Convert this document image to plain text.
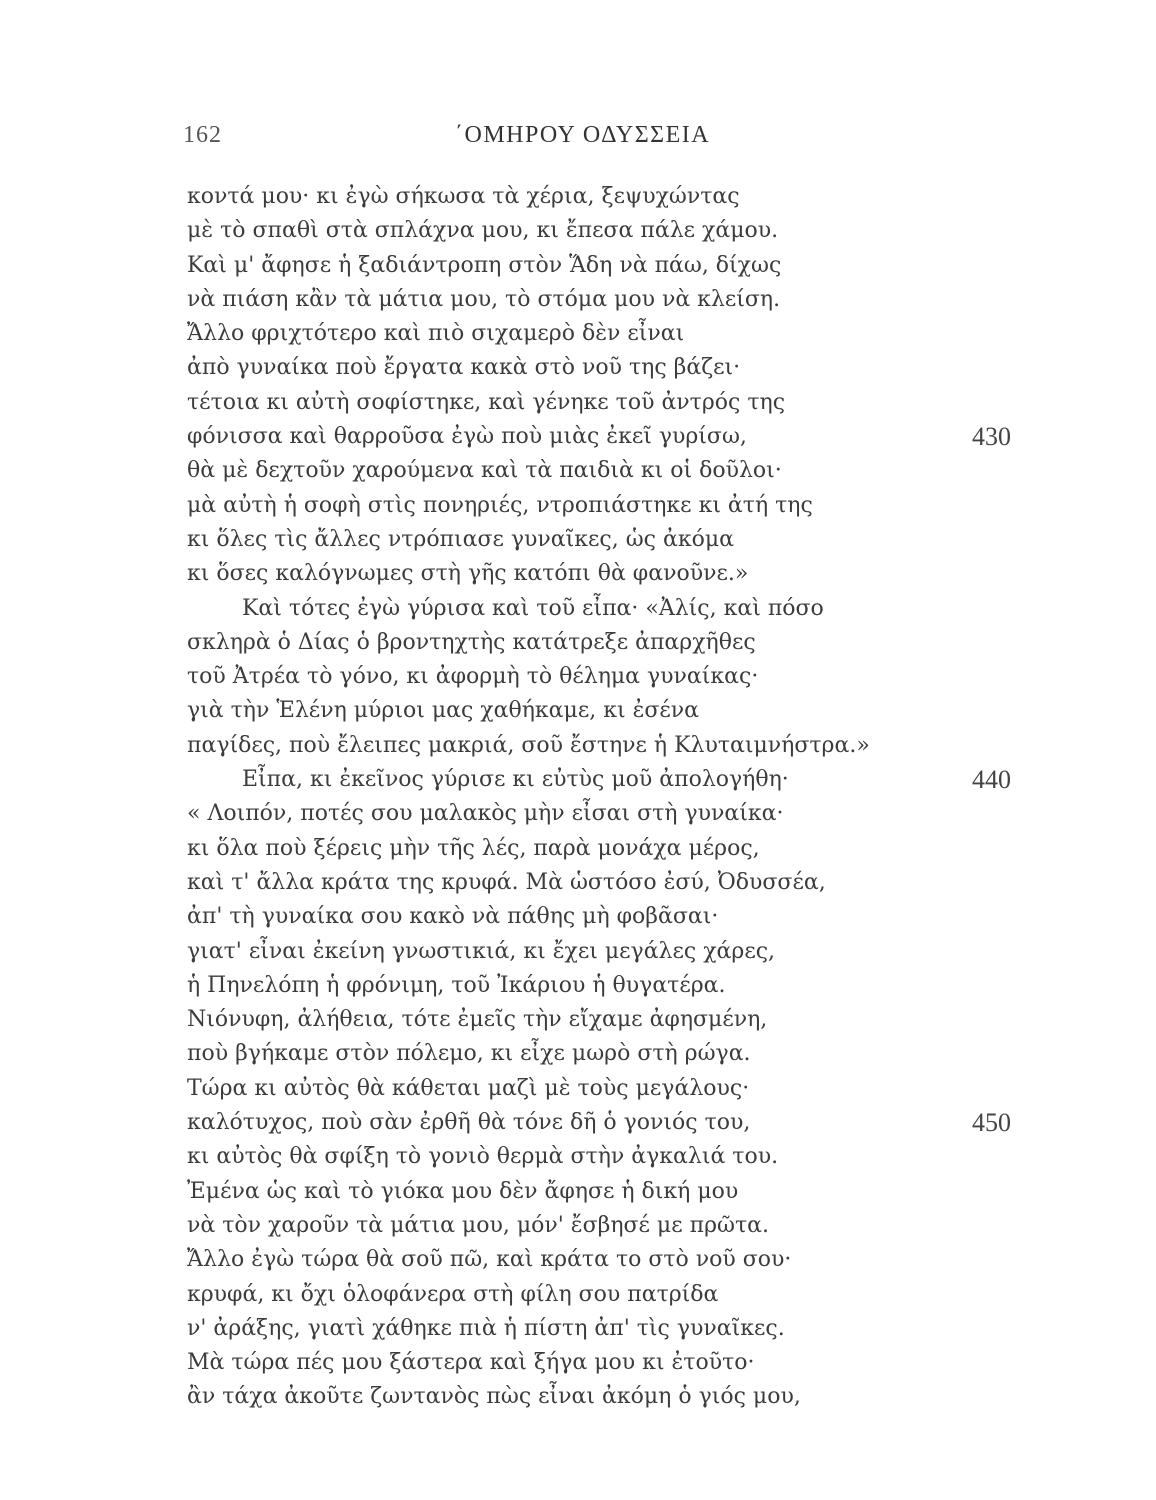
162	΄ΟΜΗΡΟΥ ΟΔΥΣΣΕΙΑ
κοντά μου· κι ἐγὼ σήκωσα τὰ χέρια, ξεψυχώντας
μὲ τὸ σπαθὶ στὰ σπλάχνα μου, κι ἔπεσα πάλε χάμου.
Καὶ μ' ἄφησε ἡ ξαδιάντροπη στὸν Ἅδη νὰ πάω, δίχως
νὰ πιάση κἂν τὰ μάτια μου, τὸ στόμα μου νὰ κλείση.
Ἄλλο φριχτότερο καὶ πιὸ σιχαμερὸ δὲν εἶναι
ἀπὸ γυναίκα ποὺ ἔργατα κακὰ στὸ νοῦ της βάζει·
τέτοια κι αὐτὴ σοφίστηκε, καὶ γένηκε τοῦ ἀντρός της
φόνισσα καὶ θαρροῦσα ἐγὼ ποὺ μιὰς ἐκεῖ γυρίσω,	430
θὰ μὲ δεχτοῦν χαρούμενα καὶ τὰ παιδιὰ κι οἱ δοῦλοι·
μὰ αὐτὴ ἡ σοφὴ στὶς πονηριές, ντροπιάστηκε κι ἀτή της
κι ὅλες τὶς ἄλλες ντρόπιασε γυναῖκες, ὡς ἀκόμα
κι ὅσες καλόγνωμες στὴ γῆς κατόπι θὰ φανοῦνε.»
Καὶ τότες ἐγὼ γύρισα καὶ τοῦ εἶπα· «Ἀλίς, καὶ πόσο
σκληρὰ ὁ Δίας ὁ βροντηχτὴς κατάτρεξε ἀπαρχῆθες
τοῦ Ἀτρέα τὸ γόνο, κι ἀφορμὴ τὸ θέλημα γυναίκας·
γιὰ τὴν Ἑλένη μύριοι μας χαθήκαμε, κι ἐσένα
παγίδες, ποὺ ἔλειπες μακριά, σοῦ ἔστηνε ἡ Κλυταιμνήστρα.»
Εἶπα, κι ἐκεῖνος γύρισε κι εὐτὺς μοῦ ἀπολογήθη·	440
« Λοιπόν, ποτές σου μαλακὸς μὴν εἶσαι στὴ γυναίκα·
κι ὅλα ποὺ ξέρεις μὴν τῆς λές, παρὰ μονάχα μέρος,
καὶ τ' ἄλλα κράτα της κρυφά. Μὰ ὡστόσο ἐσύ, Ὀδυσσέα,
ἀπ' τὴ γυναίκα σου κακὸ νὰ πάθης μὴ φοβᾶσαι·
γιατ' εἶναι ἐκείνη γνωστικιά, κι ἔχει μεγάλες χάρες,
ἡ Πηνελόπη ἡ φρόνιμη, τοῦ Ἰκάριου ἡ θυγατέρα.
Νιόνυφη, ἀλήθεια, τότε ἐμεῖς τὴν εἴχαμε ἀφησμένη,
ποὺ βγήκαμε στὸν πόλεμο, κι εἶχε μωρὸ στὴ ρώγα.
Τώρα κι αὐτὸς θὰ κάθεται μαζὶ μὲ τοὺς μεγάλους·
καλότυχος, ποὺ σὰν ἐρθῆ θὰ τόνε δῆ ὁ γονιός του,	450
κι αὐτὸς θὰ σφίξη τὸ γονιὸ θερμὰ στὴν ἀγκαλιά του.
Ἐμένα ὡς καὶ τὸ γιόκα μου δὲν ἄφησε ἡ δική μου
νὰ τὸν χαροῦν τὰ μάτια μου, μόν' ἔσβησέ με πρῶτα.
Ἄλλο ἐγὼ τώρα θὰ σοῦ πῶ, καὶ κράτα το στὸ νοῦ σου·
κρυφά, κι ὄχι ὁλοφάνερα στὴ φίλη σου πατρίδα
ν' ἀράξης, γιατὶ χάθηκε πιὰ ἡ πίστη ἀπ' τὶς γυναῖκες.
Μὰ τώρα πές μου ξάστερα καὶ ξήγα μου κι ἐτοῦτο·
ἂν τάχα ἀκοῦτε ζωντανὸς πὼς εἶναι ἀκόμη ὁ γιός μου,
